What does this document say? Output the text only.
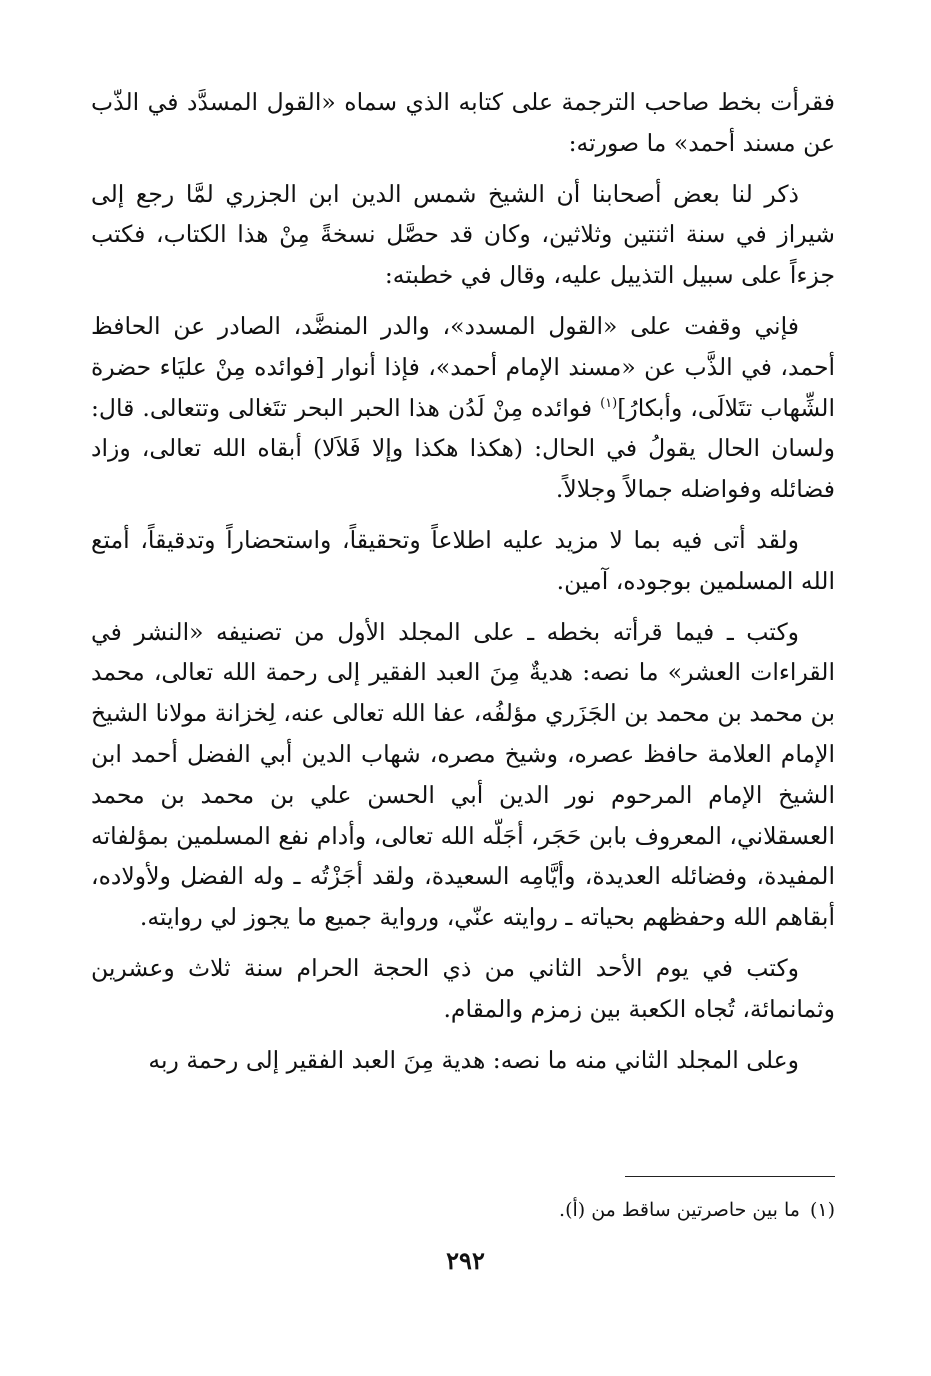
فقرأت بخط صاحب الترجمة على كتابه الذي سماه «القول المسدَّد في الذّب عن مسند أحمد» ما صورته:

ذكر لنا بعض أصحابنا أن الشيخ شمس الدين ابن الجزري لمَّا رجع إلى شيراز في سنة اثنتين وثلاثين، وكان قد حصَّل نسخةً مِنْ هذا الكتاب، فكتب جزءاً على سبيل التذييل عليه، وقال في خطبته:

فإني وقفت على «القول المسدد»، والدر المنضَّد، الصادر عن الحافظ أحمد، في الذَّب عن «مسند الإمام أحمد»، فإذا أنوار [فوائده مِنْ عليَاء حضرة الشِّهاب تتَلالَى، وأبكارُ]$^{(١)}$ فوائده مِنْ لَدُن هذا الحبر البحر تتَغالى وتتعالى. قال: ولسان الحال يقولُ في الحال: (هكذا هكذا وإلا فَلاَلا) أبقاه الله تعالى، وزاد فضائله وفواضله جمالاً وجلالاً.

ولقد أتى فيه بما لا مزيد عليه اطلاعاً وتحقيقاً، واستحضاراً وتدقيقاً، أمتع الله المسلمين بوجوده، آمين.

وكتب ـ فيما قرأته بخطه ـ على المجلد الأول من تصنيفه «النشر في القراءات العشر» ما نصه: هديةٌ مِنَ العبد الفقير إلى رحمة الله تعالى، محمد بن محمد بن محمد بن الجَزَري مؤلفُه، عفا الله تعالى عنه، لِخزانة مولانا الشيخ الإمام العلامة حافظ عصره، وشيخ مصره، شهاب الدين أبي الفضل أحمد ابن الشيخ الإمام المرحوم نور الدين أبي الحسن علي بن محمد بن محمد العسقلاني، المعروف بابن حَجَر، أجَلّه الله تعالى، وأدام نفع المسلمين بمؤلفاته المفيدة، وفضائله العديدة، وأيَّامِه السعيدة، ولقد أجَزْتُه ـ وله الفضل ولأولاده، أبقاهم الله وحفظهم بحياته ـ روايته عنّي، ورواية جميع ما يجوز لي روايته.

وكتب في يوم الأحد الثاني من ذي الحجة الحرام سنة ثلاث وعشرين وثمانمائة، تُجاه الكعبة بين زمزم والمقام.

وعلى المجلد الثاني منه ما نصه: هدية مِنَ العبد الفقير إلى رحمة ربه

(١)ما بين حاصرتين ساقط من (أ).
٢٩٢
